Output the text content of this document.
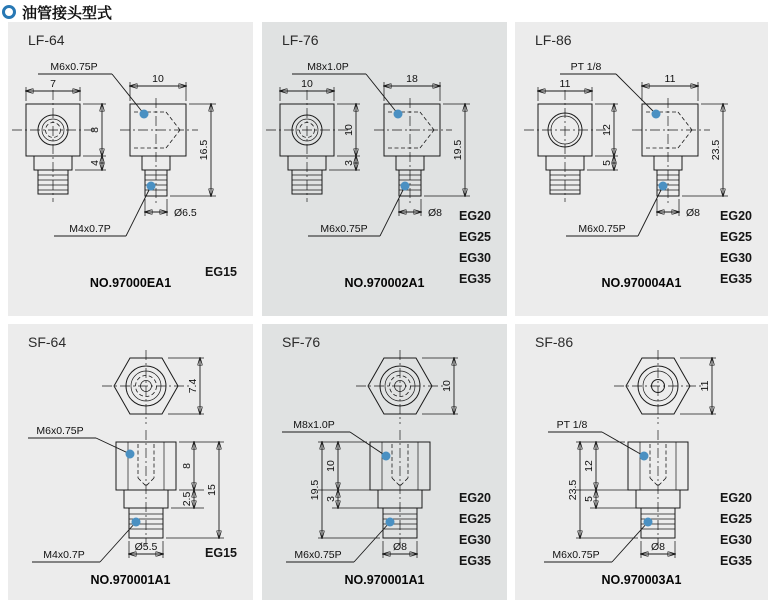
油管接头型式
LF-64
7	10
8
4
16.5
Ø6.5
M6x0.75P
M4x0.7P
EG15
NO.97000EA1
LF-76
10	18
10
3
19.5
Ø8
M8x1.0P
M6x0.75P
EG20
EG25
EG30
EG35
NO.970002A1
LF-86
11	11
12
5
23.5
Ø8
PT 1/8
M6x0.75P
EG20
EG25
EG30
EG35
NO.970004A1
SF-64
7.4
8
2.5
15
Ø5.5
M6x0.75P
M4x0.7P	EG15
NO.970001A1
SF-76
10
10
3
19.5
Ø8
M8x1.0P
M6x0.75P
EG20
EG25
EG30
EG35
NO.970001A1
SF-86
11
12
5
23.5
Ø8
PT 1/8
M6x0.75P
EG20
EG25
EG30
EG35
NO.970003A1
